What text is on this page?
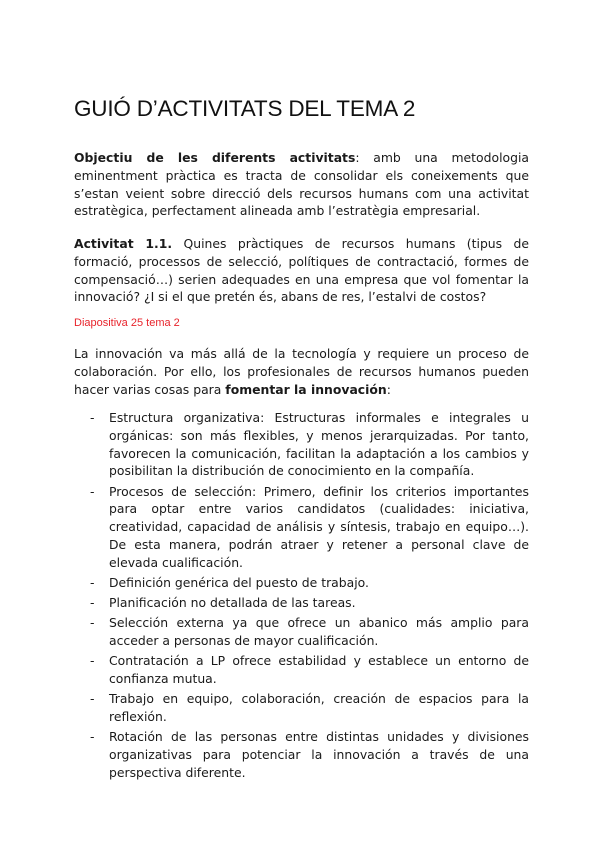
GUIÓ D’ACTIVITATS DEL TEMA 2

Objectiu de les diferents activitats: amb una metodologia eminentment pràctica es tracta de consolidar els coneixements que s’estan veient sobre direcció dels recursos humans com una activitat estratègica, perfectament alineada amb l’estratègia empresarial.

Activitat 1.1. Quines pràctiques de recursos humans (tipus de formació, processos de selecció, polítiques de contractació, formes de compensació…) serien adequades en una empresa que vol fomentar la innovació? ¿I si el que pretén és, abans de res, l’estalvi de costos?

Diapositiva 25 tema 2

La innovación va más allá de la tecnología y requiere un proceso de colaboración. Por ello, los profesionales de recursos humanos pueden hacer varias cosas para fomentar la innovación:

- Estructura organizativa: Estructuras informales e integrales u orgánicas: son más flexibles, y menos jerarquizadas. Por tanto, favorecen la comunicación, facilitan la adaptación a los cambios y posibilitan la distribución de conocimiento en la compañía.
- Procesos de selección: Primero, definir los criterios importantes para optar entre varios candidatos (cualidades: iniciativa, creatividad, capacidad de análisis y síntesis, trabajo en equipo…). De esta manera, podrán atraer y retener a personal clave de elevada cualificación.
- Definición genérica del puesto de trabajo.
- Planificación no detallada de las tareas.
- Selección externa ya que ofrece un abanico más amplio para acceder a personas de mayor cualificación.
- Contratación a LP ofrece estabilidad y establece un entorno de confianza mutua.
- Trabajo en equipo, colaboración, creación de espacios para la reflexión.
- Rotación de las personas entre distintas unidades y divisiones organizativas para potenciar la innovación a través de una perspectiva diferente.
